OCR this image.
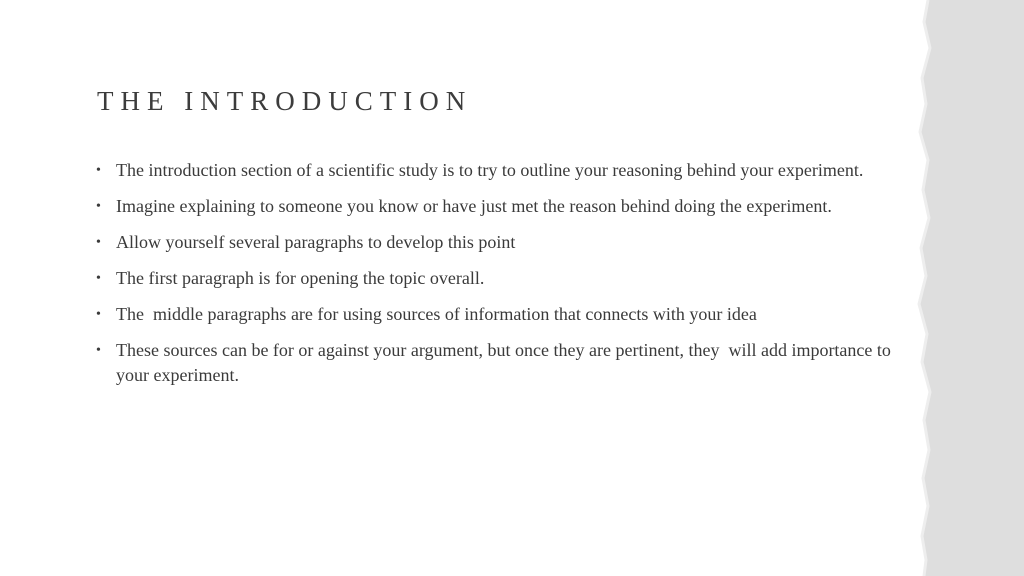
THE INTRODUCTION
• The introduction section of a scientific study is to try to outline your reasoning behind your experiment.
• Imagine explaining to someone you know or have just met the reason behind doing the experiment.
• Allow yourself several paragraphs to develop this point
• The first paragraph is for opening the topic overall.
• The  middle paragraphs are for using sources of information that connects with your idea
• These sources can be for or against your argument, but once they are pertinent, they  will add importance to your experiment.
